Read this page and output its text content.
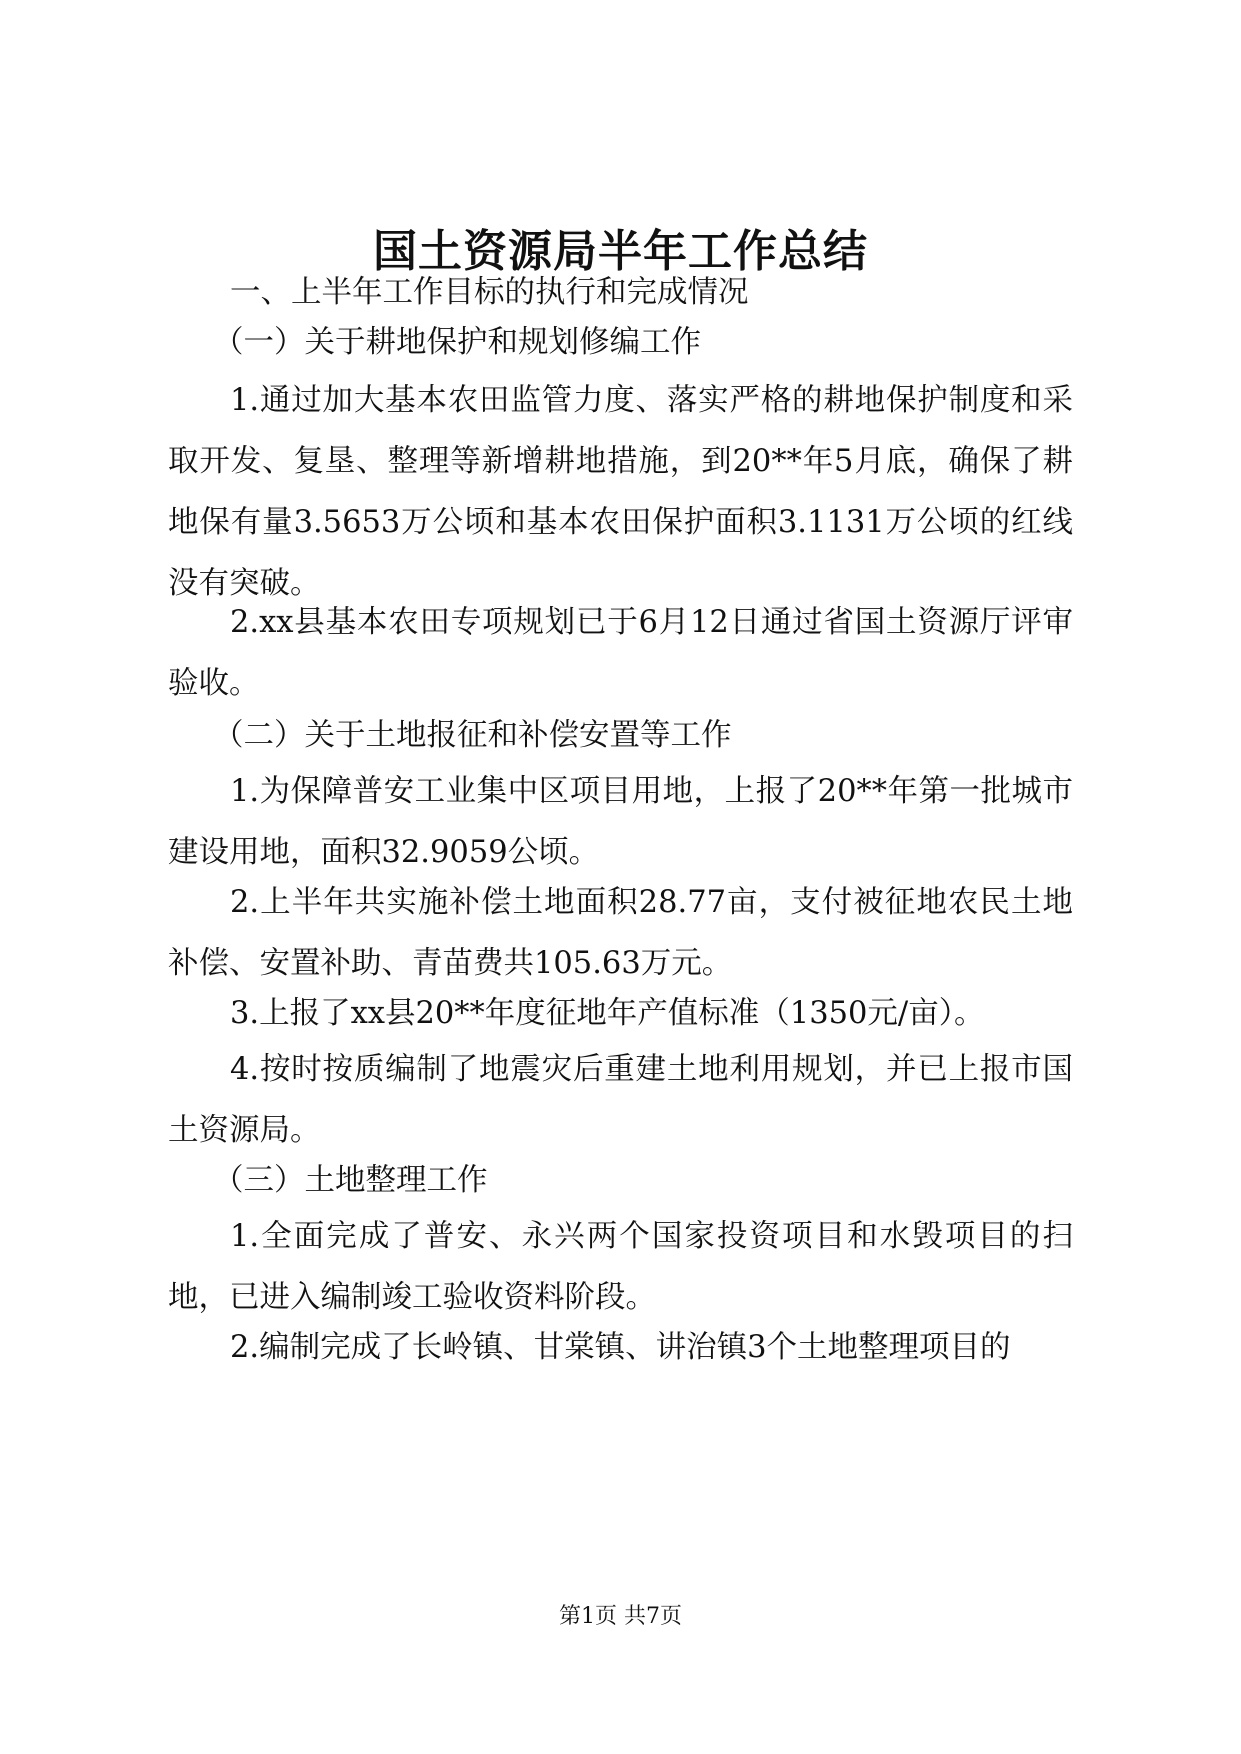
国土资源局半年工作总结
一、上半年工作目标的执行和完成情况
（一）关于耕地保护和规划修编工作
1.通过加大基本农田监管力度、落实严格的耕地保护制度和采取开发、复垦、整理等新增耕地措施，到20**年5月底，确保了耕地保有量3.5653万公顷和基本农田保护面积3.1131万公顷的红线没有突破。
2.xx县基本农田专项规划已于6月12日通过省国土资源厅评审验收。
（二）关于土地报征和补偿安置等工作
1.为保障普安工业集中区项目用地，上报了20**年第一批城市建设用地，面积32.9059公顷。
2.上半年共实施补偿土地面积28.77亩，支付被征地农民土地补偿、安置补助、青苗费共105.63万元。
3.上报了xx县20**年度征地年产值标准（1350元/亩）。
4.按时按质编制了地震灾后重建土地利用规划，并已上报市国土资源局。
（三）土地整理工作
1.全面完成了普安、永兴两个国家投资项目和水毁项目的扫地，已进入编制竣工验收资料阶段。
2.编制完成了长岭镇、甘棠镇、讲治镇3个土地整理项目的
第1页 共7页
